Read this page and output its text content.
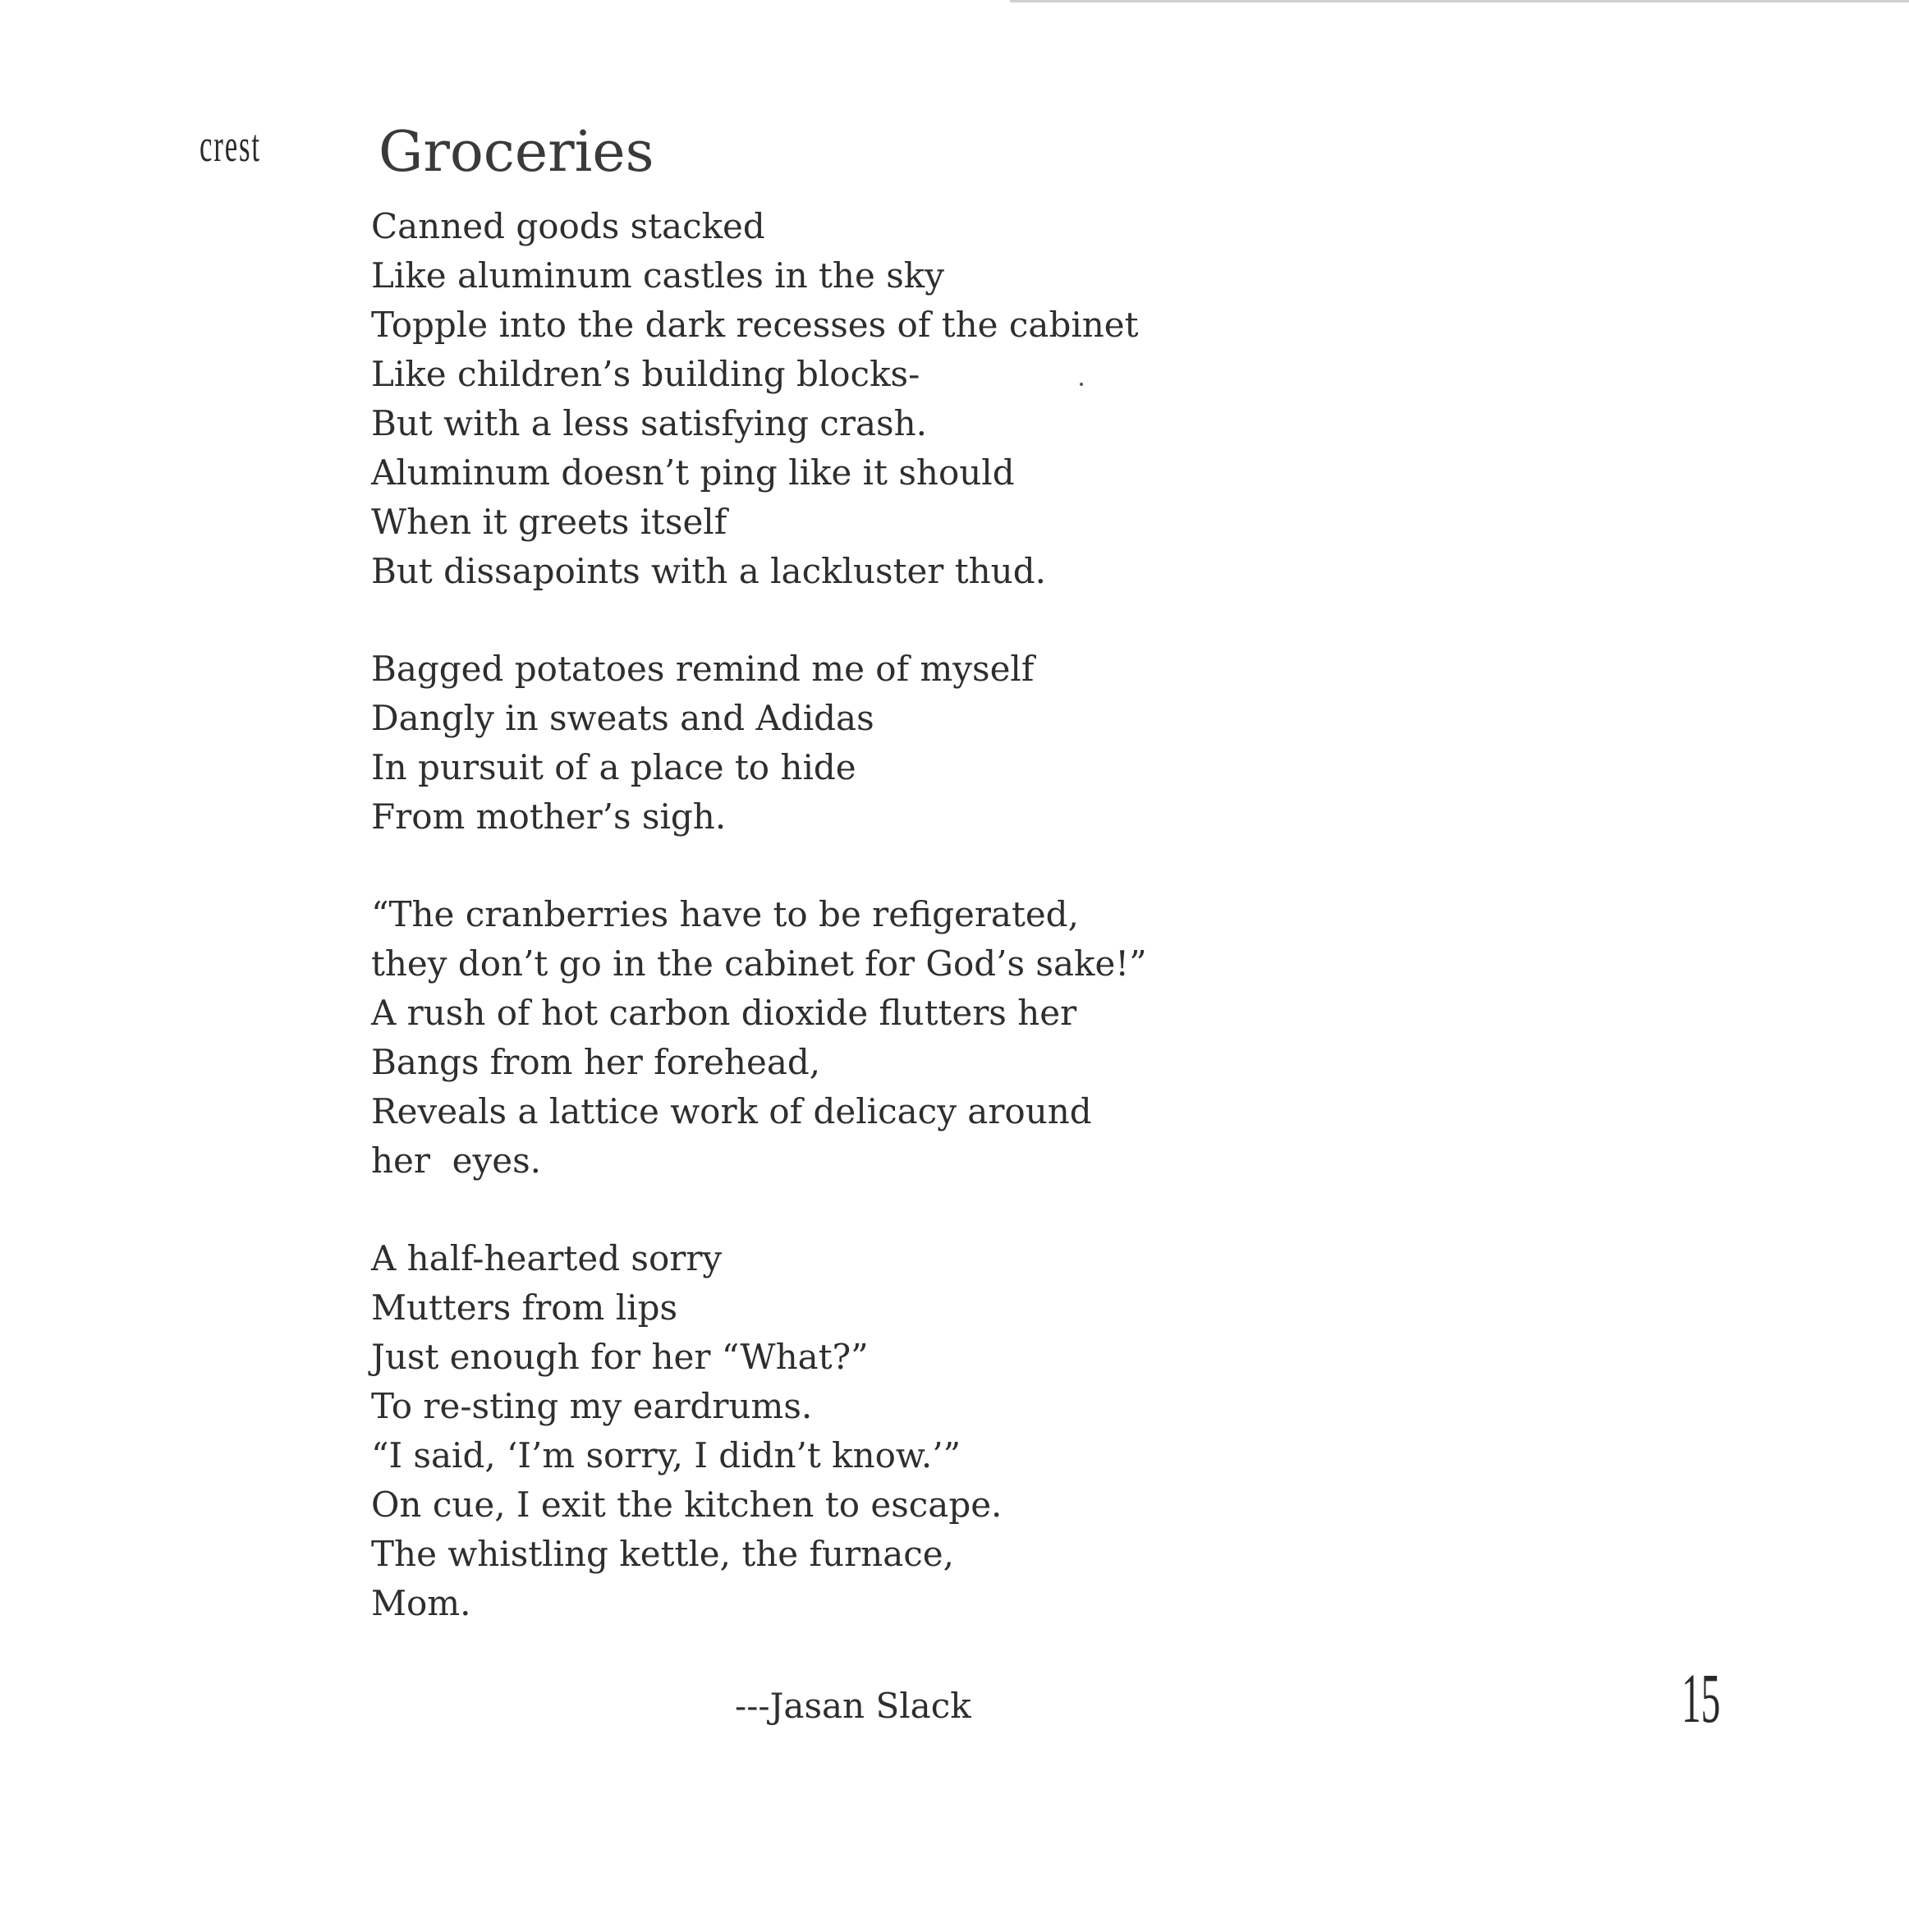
crest Groceries
Canned goods stacked
Like aluminum castles in the sky
Topple into the dark recesses of the cabinet
Like children’s building blocks-
But with a less satisfying crash.
Aluminum doesn’t ping like it should
When it greets itself
But dissapoints with a lackluster thud.
Bagged potatoes remind me of myself
Dangly in sweats and Adidas
In pursuit of a place to hide
From mother’s sigh.
“The cranberries have to be refigerated,
they don’t go in the cabinet for God’s sake!”
A rush of hot carbon dioxide flutters her
Bangs from her forehead,
Reveals a lattice work of delicacy around
her  eyes.
A half-hearted sorry
Mutters from lips
Just enough for her “What?”
To re-sting my eardrums.
“I said, ‘I’m sorry, I didn’t know.’”
On cue, I exit the kitchen to escape.
The whistling kettle, the furnace,
Mom.
---Jasan Slack	15
